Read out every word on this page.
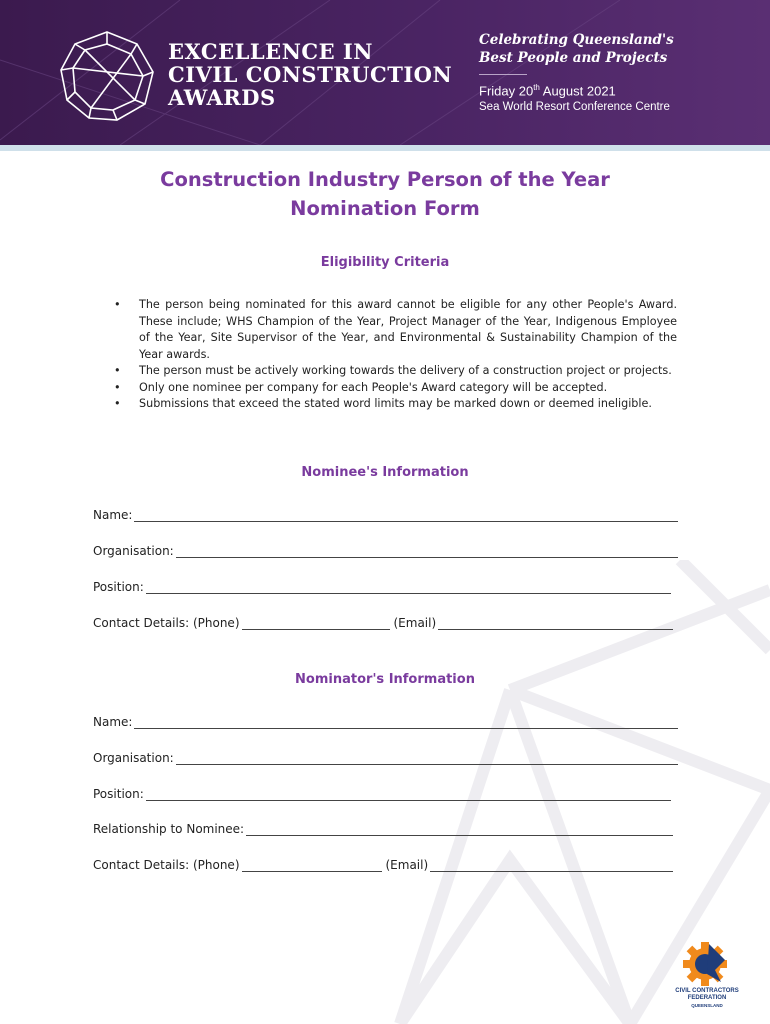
EXCELLENCE IN
CIVIL CONSTRUCTION
AWARDS
Celebrating Queensland's
Best People and Projects
Friday 20th August 2021
Sea World Resort Conference Centre
Construction Industry Person of the Year
Nomination Form
Eligibility Criteria
• The person being nominated for this award cannot be eligible for any other People's Award. These include; WHS Champion of the Year, Project Manager of the Year, Indigenous Employee of the Year, Site Supervisor of the Year, and Environmental & Sustainability Champion of the Year awards.
• The person must be actively working towards the delivery of a construction project or projects.
• Only one nominee per company for each People's Award category will be accepted.
• Submissions that exceed the stated word limits may be marked down or deemed ineligible.
Nominee's Information
Name:
Organisation:
Position:
Contact Details: (Phone)	(Email)
Nominator's Information
Name:
Organisation:
Position:
Relationship to Nominee:
Contact Details: (Phone)	(Email)
CIVIL CONTRACTORS
FEDERATION
QUEENSLAND
CCF
